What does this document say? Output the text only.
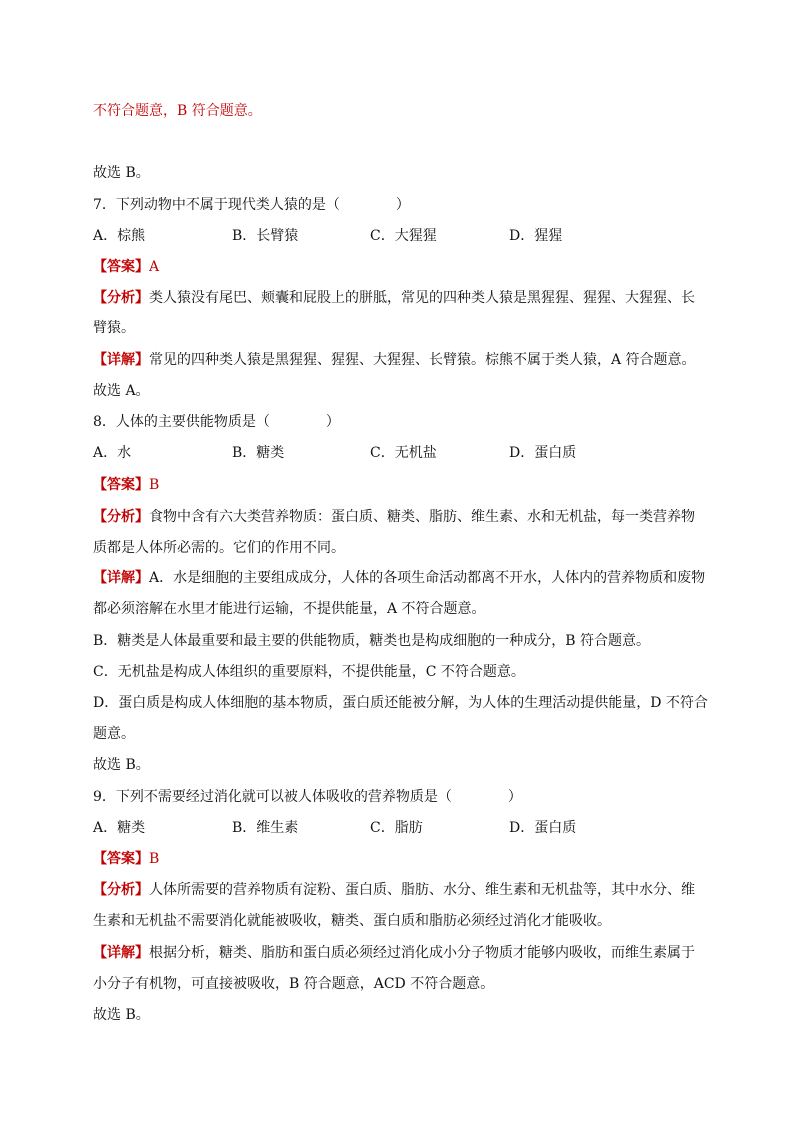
不符合题意，B 符合题意。
故选 B。
7．下列动物中不属于现代类人猿的是（　　　　）
A．棕熊	B．长臂猿	C．大猩猩	D．猩猩
【答案】A
【分析】类人猿没有尾巴、颊囊和屁股上的胼胝，常见的四种类人猿是黑猩猩、猩猩、大猩猩、长
臂猿。
【详解】常见的四种类人猿是黑猩猩、猩猩、大猩猩、长臂猿。棕熊不属于类人猿，A 符合题意。
故选 A。
8．人体的主要供能物质是（　　　　）
A．水	B．糖类	C．无机盐	D．蛋白质
【答案】B
【分析】食物中含有六大类营养物质：蛋白质、糖类、脂肪、维生素、水和无机盐，每一类营养物
质都是人体所必需的。它们的作用不同。
【详解】A．水是细胞的主要组成成分，人体的各项生命活动都离不开水，人体内的营养物质和废物
都必须溶解在水里才能进行运输，不提供能量，A 不符合题意。
B．糖类是人体最重要和最主要的供能物质，糖类也是构成细胞的一种成分，B 符合题意。
C．无机盐是构成人体组织的重要原料，不提供能量，C 不符合题意。
D．蛋白质是构成人体细胞的基本物质，蛋白质还能被分解，为人体的生理活动提供能量，D 不符合
题意。
故选 B。
9．下列不需要经过消化就可以被人体吸收的营养物质是（　　　　）
A．糖类	B．维生素	C．脂肪	D．蛋白质
【答案】B
【分析】人体所需要的营养物质有淀粉、蛋白质、脂肪、水分、维生素和无机盐等，其中水分、维
生素和无机盐不需要消化就能被吸收，糖类、蛋白质和脂肪必须经过消化才能吸收。
【详解】根据分析，糖类、脂肪和蛋白质必须经过消化成小分子物质才能够内吸收，而维生素属于
小分子有机物，可直接被吸收，B 符合题意，ACD 不符合题意。
故选 B。
